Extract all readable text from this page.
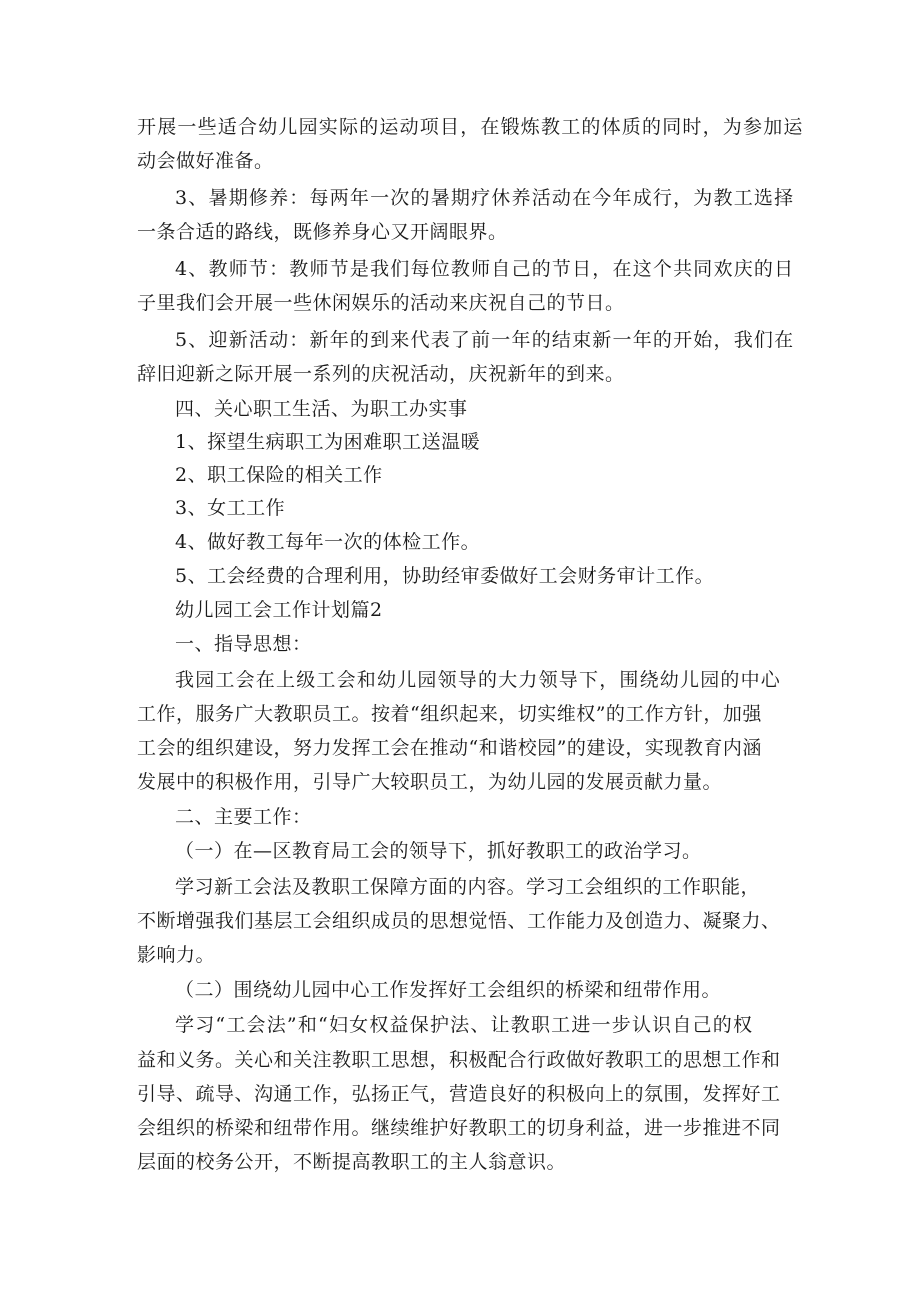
开展一些适合幼儿园实际的运动项目，在锻炼教工的体质的同时，为参加运
动会做好准备。
3、暑期修养：每两年一次的暑期疗休养活动在今年成行，为教工选择
一条合适的路线，既修养身心又开阔眼界。
4、教师节：教师节是我们每位教师自己的节日，在这个共同欢庆的日
子里我们会开展一些休闲娱乐的活动来庆祝自己的节日。
5、迎新活动：新年的到来代表了前一年的结束新一年的开始，我们在
辞旧迎新之际开展一系列的庆祝活动，庆祝新年的到来。
四、关心职工生活、为职工办实事
1、探望生病职工为困难职工送温暖
2、职工保险的相关工作
3、女工工作
4、做好教工每年一次的体检工作。
5、工会经费的合理利用，协助经审委做好工会财务审计工作。
幼儿园工会工作计划篇2
一、指导思想：
我园工会在上级工会和幼儿园领导的大力领导下，围绕幼儿园的中心
工作，服务广大教职员工。按着“组织起来，切实维权”的工作方针，加强
工会的组织建设，努力发挥工会在推动“和谐校园”的建设，实现教育内涵
发展中的积极作用，引导广大较职员工，为幼儿园的发展贡献力量。
二、主要工作：
（一）在—区教育局工会的领导下，抓好教职工的政治学习。
学习新工会法及教职工保障方面的内容。学习工会组织的工作职能，
不断增强我们基层工会组织成员的思想觉悟、工作能力及创造力、凝聚力、
影响力。
（二）围绕幼儿园中心工作发挥好工会组织的桥梁和纽带作用。
学习“工会法”和“妇女权益保护法、让教职工进一步认识自己的权
益和义务。关心和关注教职工思想，积极配合行政做好教职工的思想工作和
引导、疏导、沟通工作，弘扬正气，营造良好的积极向上的氛围，发挥好工
会组织的桥梁和纽带作用。继续维护好教职工的切身利益，进一步推进不同
层面的校务公开，不断提高教职工的主人翁意识。
